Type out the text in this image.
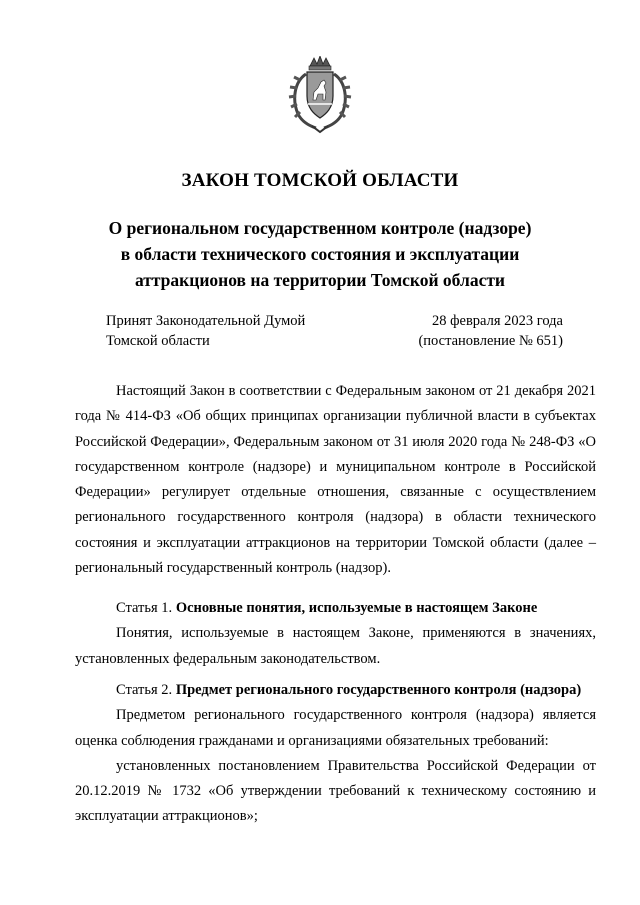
ЗАКОН ТОМСКОЙ ОБЛАСТИ
О региональном государственном контроле (надзоре)
в области технического состояния и эксплуатации
аттракционов на территории Томской области
Принят Законодательной Думой
Томской области
28 февраля 2023 года
(постановление № 651)

Настоящий Закон в соответствии с Федеральным законом от 21 декабря 2021 года № 414-ФЗ «Об общих принципах организации публичной власти в субъектах Российской Федерации», Федеральным законом от 31 июля 2020 года № 248-ФЗ «О государственном контроле (надзоре) и муниципальном контроле в Российской Федерации» регулирует отдельные отношения, связанные с осуществлением регионального государственного контроля (надзора) в области технического состояния и эксплуатации аттракционов на территории Томской области (далее – региональный государственный контроль (надзор).

Статья 1. Основные понятия, используемые в настоящем Законе

Понятия, используемые в настоящем Законе, применяются в значениях, установленных федеральным законодательством.

Статья 2. Предмет регионального государственного контроля (надзора)

Предметом регионального государственного контроля (надзора) является оценка соблюдения гражданами и организациями обязательных требований:

установленных постановлением Правительства Российской Федерации от 20.12.2019 № 1732 «Об утверждении требований к техническому состоянию и эксплуатации аттракционов»;
